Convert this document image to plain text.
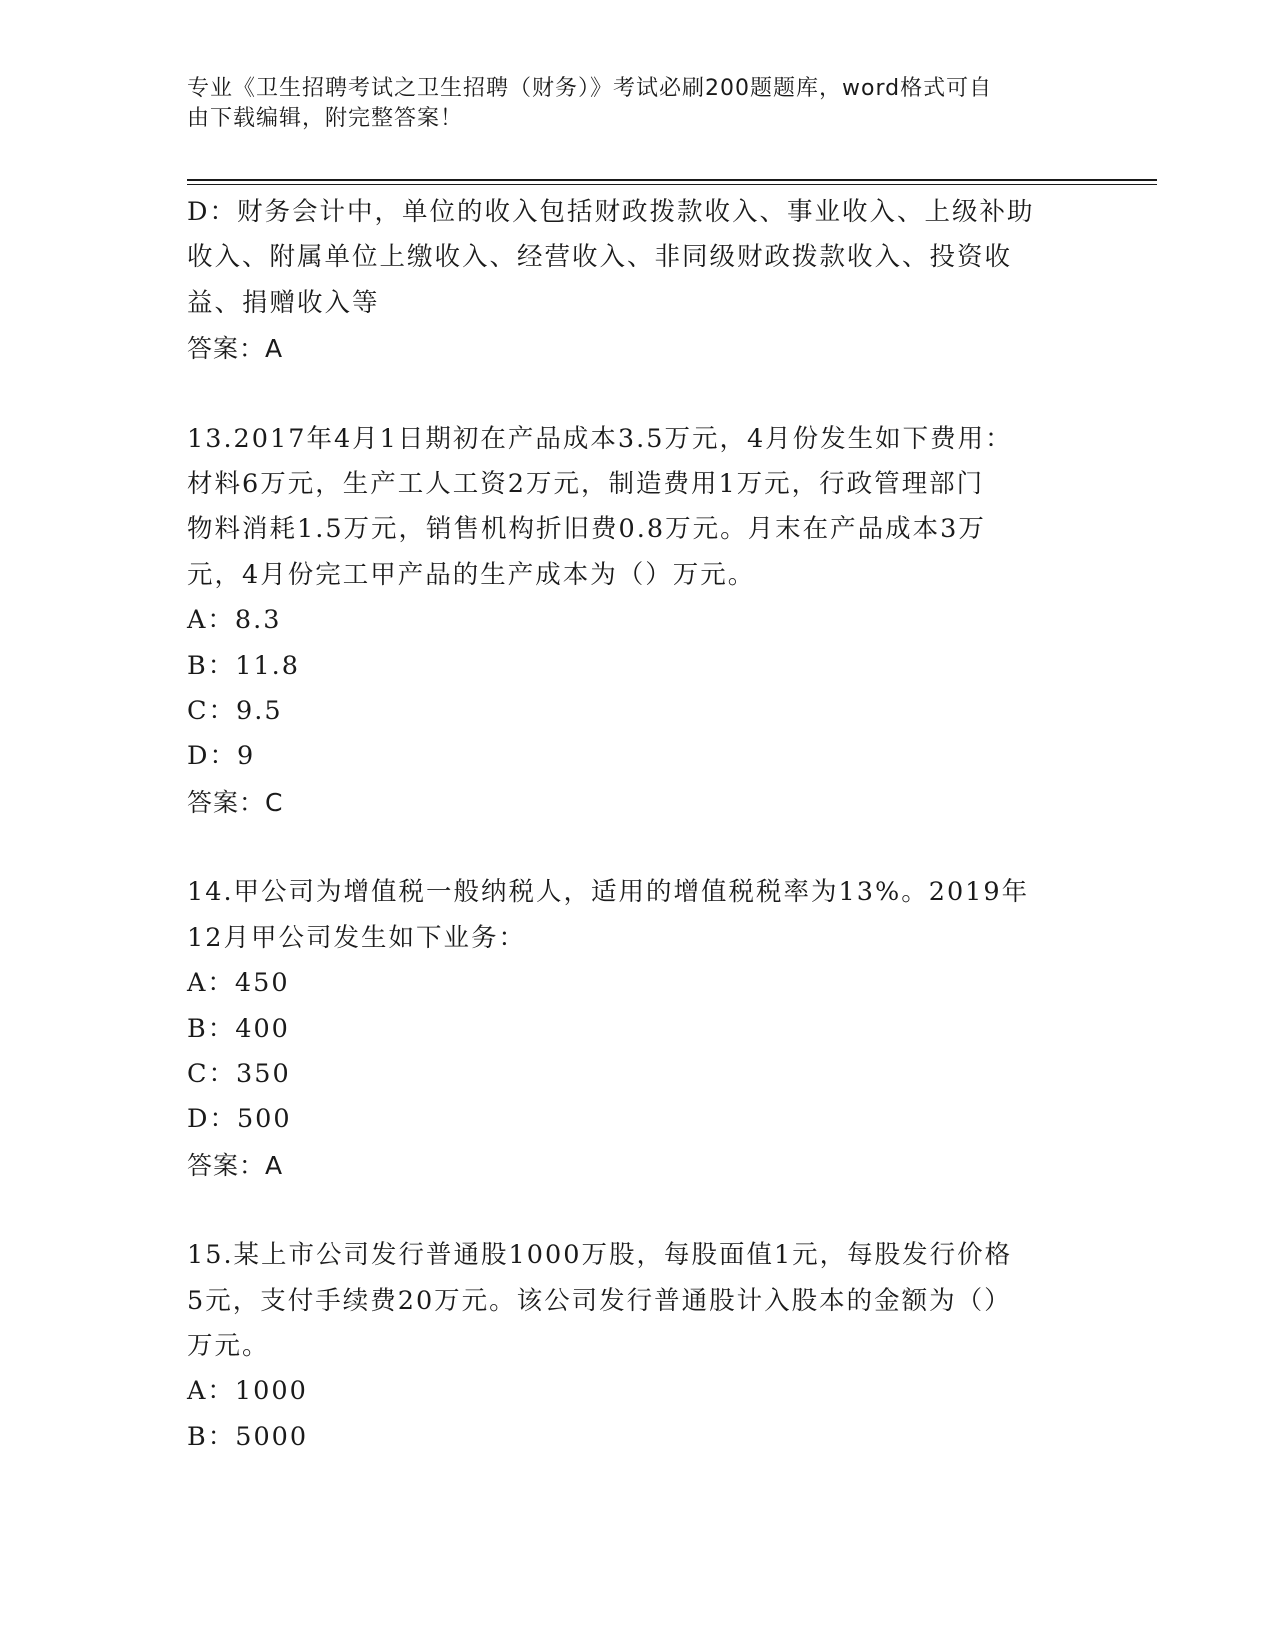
专业《卫生招聘考试之卫生招聘（财务）》考试必刷200题题库，word格式可自
由下载编辑，附完整答案！

D：财务会计中，单位的收入包括财政拨款收入、事业收入、上级补助

收入、附属单位上缴收入、经营收入、非同级财政拨款收入、投资收

益、捐赠收入等

答案：A

13.2017年4月1日期初在产品成本3.5万元，4月份发生如下费用：

材料6万元，生产工人工资2万元，制造费用1万元，行政管理部门

物料消耗1.5万元，销售机构折旧费0.8万元。月末在产品成本3万

元，4月份完工甲产品的生产成本为（）万元。

A：8.3

B：11.8

C：9.5

D：9

答案：C

14.甲公司为增值税一般纳税人，适用的增值税税率为13%。2019年

12月甲公司发生如下业务：

A：450

B：400

C：350

D：500

答案：A

15.某上市公司发行普通股1000万股，每股面值1元，每股发行价格

5元，支付手续费20万元。该公司发行普通股计入股本的金额为（）

万元。

A：1000

B：5000
